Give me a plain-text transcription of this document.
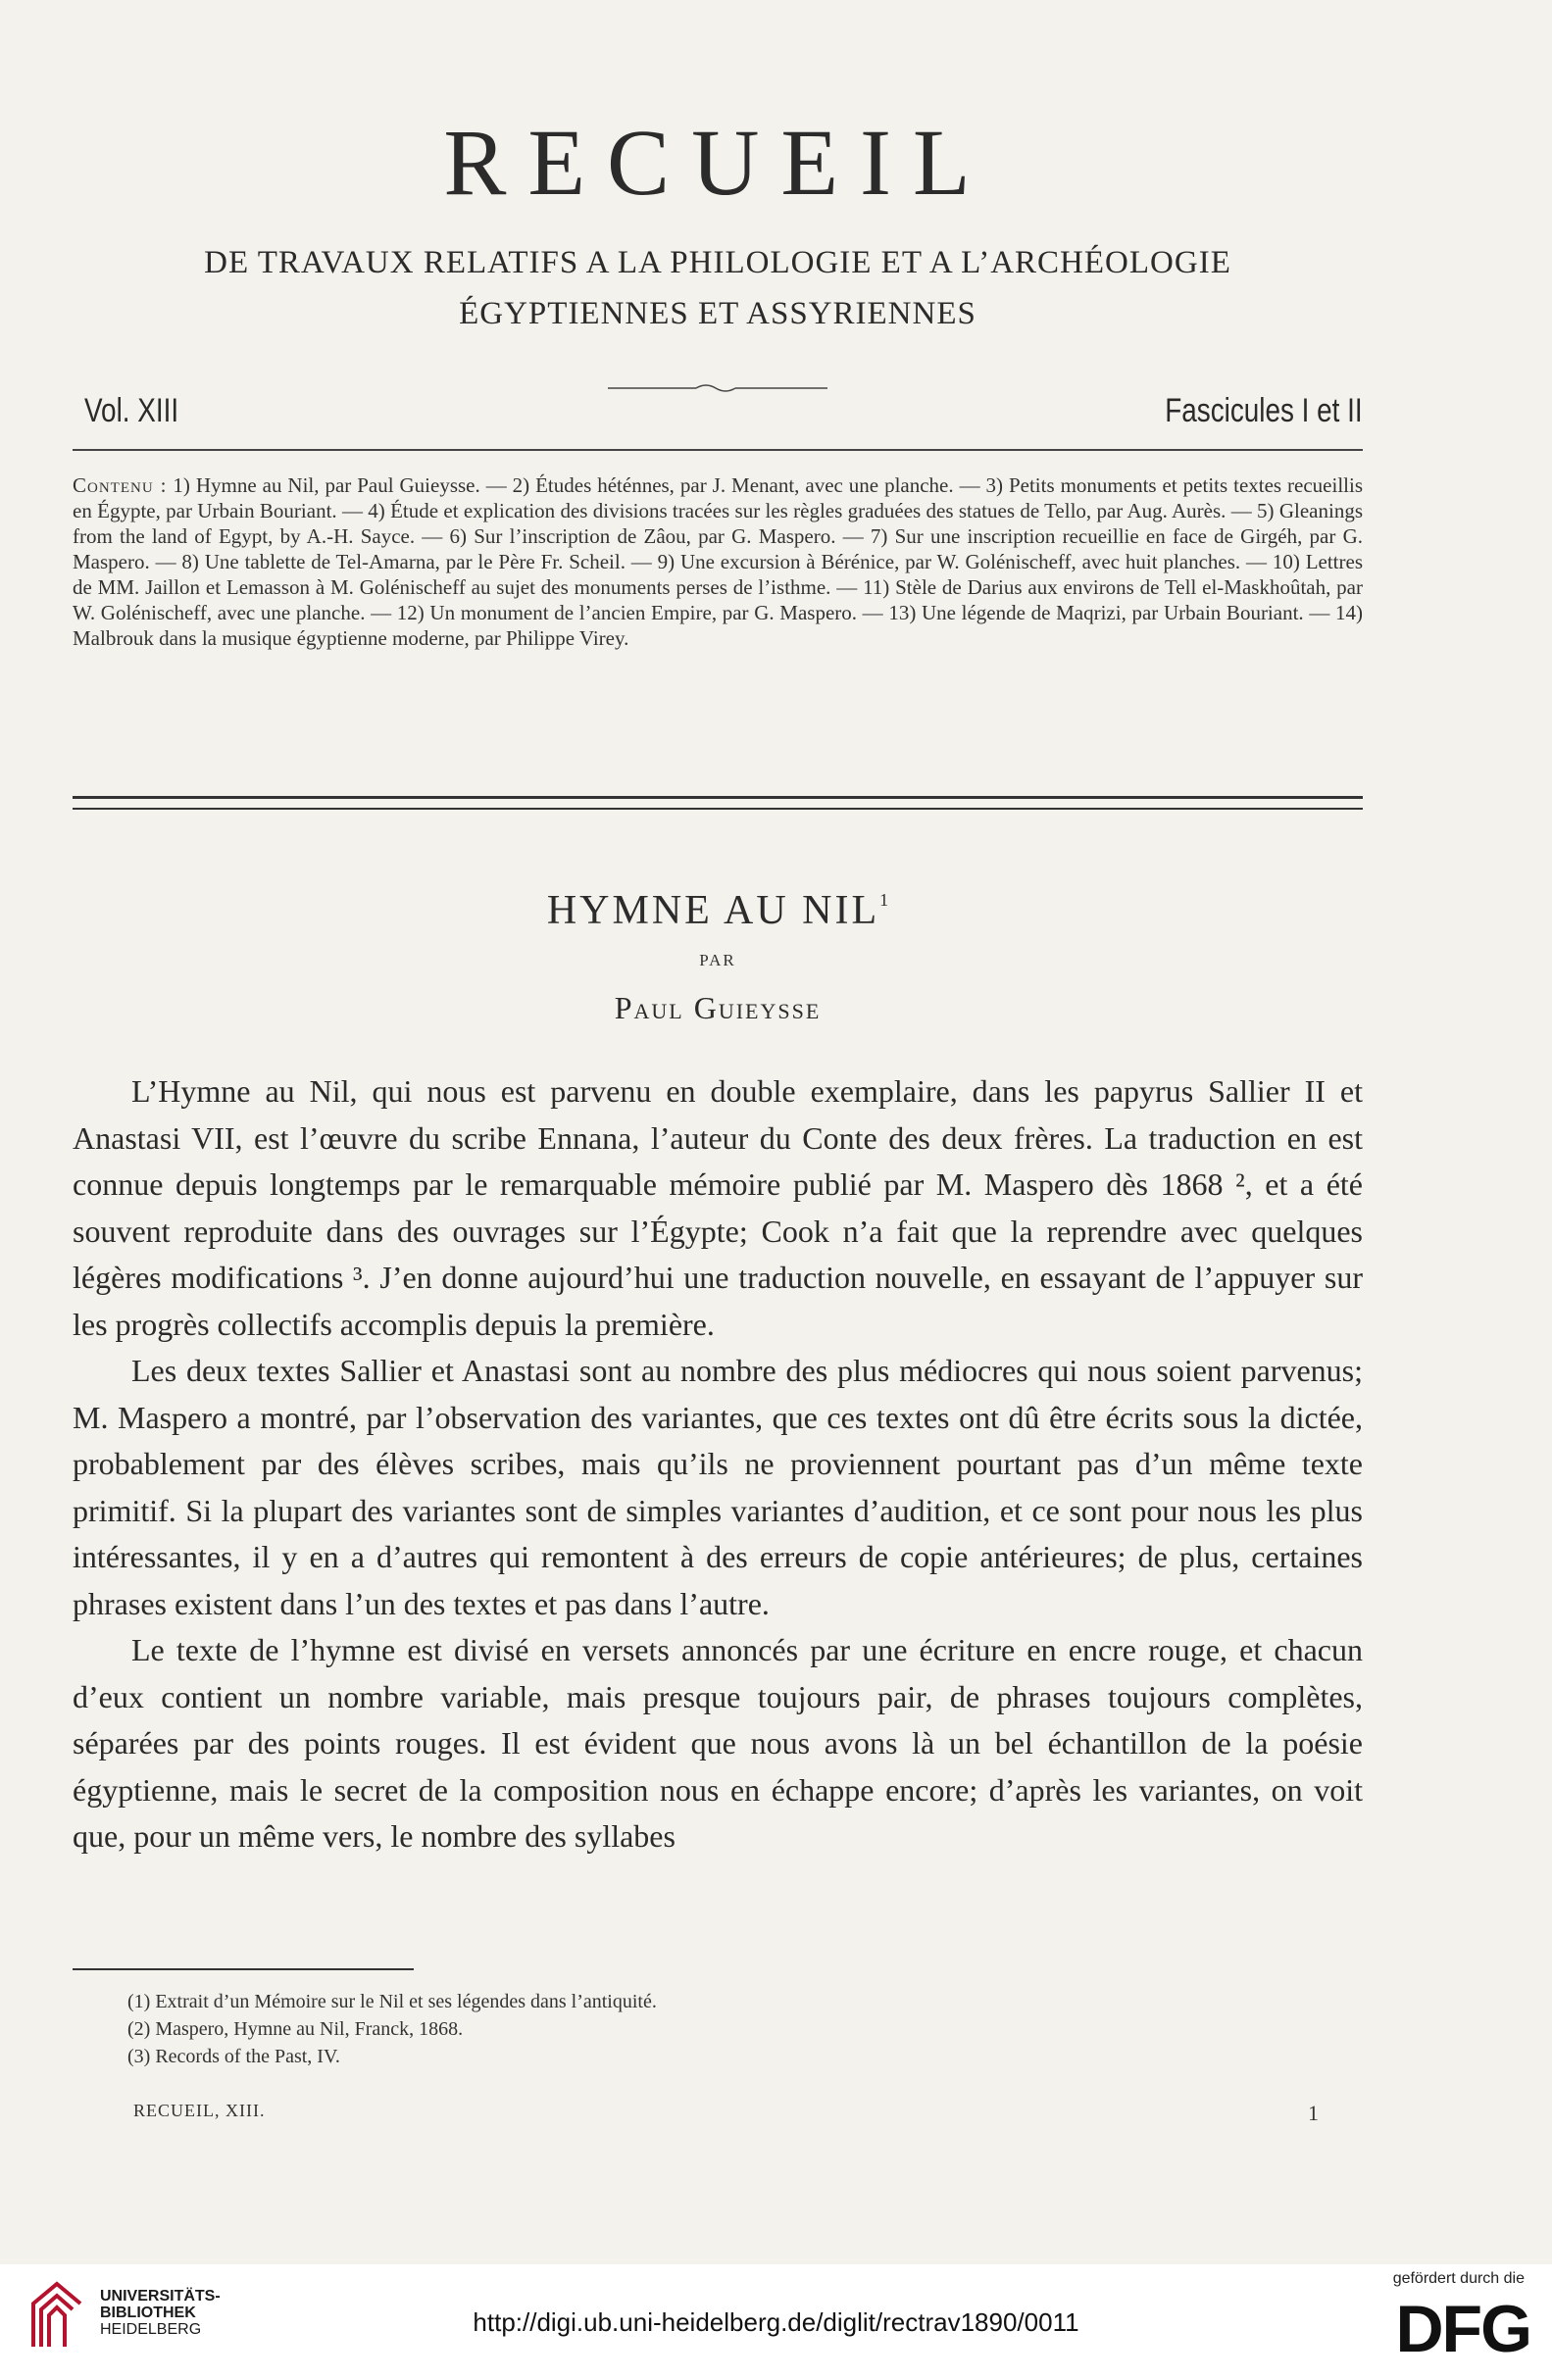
RECUEIL
DE TRAVAUX RELATIFS A LA PHILOLOGIE ET A L’ARCHÉOLOGIE
ÉGYPTIENNES ET ASSYRIENNES
Vol. XIII	Fascicules I et II
Contenu : 1) Hymne au Nil, par Paul Guieysse. — 2) Études héténnes, par J. Menant, avec une planche. — 3) Petits monuments et petits textes recueillis en Égypte, par Urbain Bouriant. — 4) Étude et explication des divisions tracées sur les règles graduées des statues de Tello, par Aug. Aurès. — 5) Gleanings from the land of Egypt, by A.-H. Sayce. — 6) Sur l’inscription de Zâou, par G. Maspero. — 7) Sur une inscription recueillie en face de Girgéh, par G. Maspero. — 8) Une tablette de Tel-Amarna, par le Père Fr. Scheil. — 9) Une excursion à Bérénice, par W. Golénischeff, avec huit planches. — 10) Lettres de MM. Jaillon et Lemasson à M. Golénischeff au sujet des monuments perses de l’isthme. — 11) Stèle de Darius aux environs de Tell el-Maskhoûtah, par W. Golénischeff, avec une planche. — 12) Un monument de l’ancien Empire, par G. Maspero. — 13) Une légende de Maqrizi, par Urbain Bouriant. — 14) Malbrouk dans la musique égyptienne moderne, par Philippe Virey.
HYMNE AU NIL$^1$
PAR
Paul Guieysse

L’Hymne au Nil, qui nous est parvenu en double exemplaire, dans les papyrus Sallier II et Anastasi VII, est l’œuvre du scribe Ennana, l’auteur du Conte des deux frères. La traduction en est connue depuis longtemps par le remarquable mémoire publié par M. Maspero dès 1868 ², et a été souvent reproduite dans des ouvrages sur l’Égypte; Cook n’a fait que la reprendre avec quelques légères modifications ³. J’en donne aujourd’hui une traduction nouvelle, en essayant de l’appuyer sur les progrès collectifs accomplis depuis la première.

Les deux textes Sallier et Anastasi sont au nombre des plus médiocres qui nous soient parvenus; M. Maspero a montré, par l’observation des variantes, que ces textes ont dû être écrits sous la dictée, probablement par des élèves scribes, mais qu’ils ne proviennent pourtant pas d’un même texte primitif. Si la plupart des variantes sont de simples variantes d’audition, et ce sont pour nous les plus intéressantes, il y en a d’autres qui remontent à des erreurs de copie antérieures; de plus, certaines phrases existent dans l’un des textes et pas dans l’autre.

Le texte de l’hymne est divisé en versets annoncés par une écriture en encre rouge, et chacun d’eux contient un nombre variable, mais presque toujours pair, de phrases toujours complètes, séparées par des points rouges. Il est évident que nous avons là un bel échantillon de la poésie égyptienne, mais le secret de la composition nous en échappe encore; d’après les variantes, on voit que, pour un même vers, le nombre des syllabes

(1) Extrait d’un Mémoire sur le Nil et ses légendes dans l’antiquité.
(2) Maspero, Hymne au Nil, Franck, 1868.
(3) Records of the Past, IV.
RECUEIL, XIII.	1
UNIVERSITÄTS-
BIBLIOTHEK
HEIDELBERG	http://digi.ub.uni-heidelberg.de/diglit/rectrav1890/0011
gefördert durch die
DFG
